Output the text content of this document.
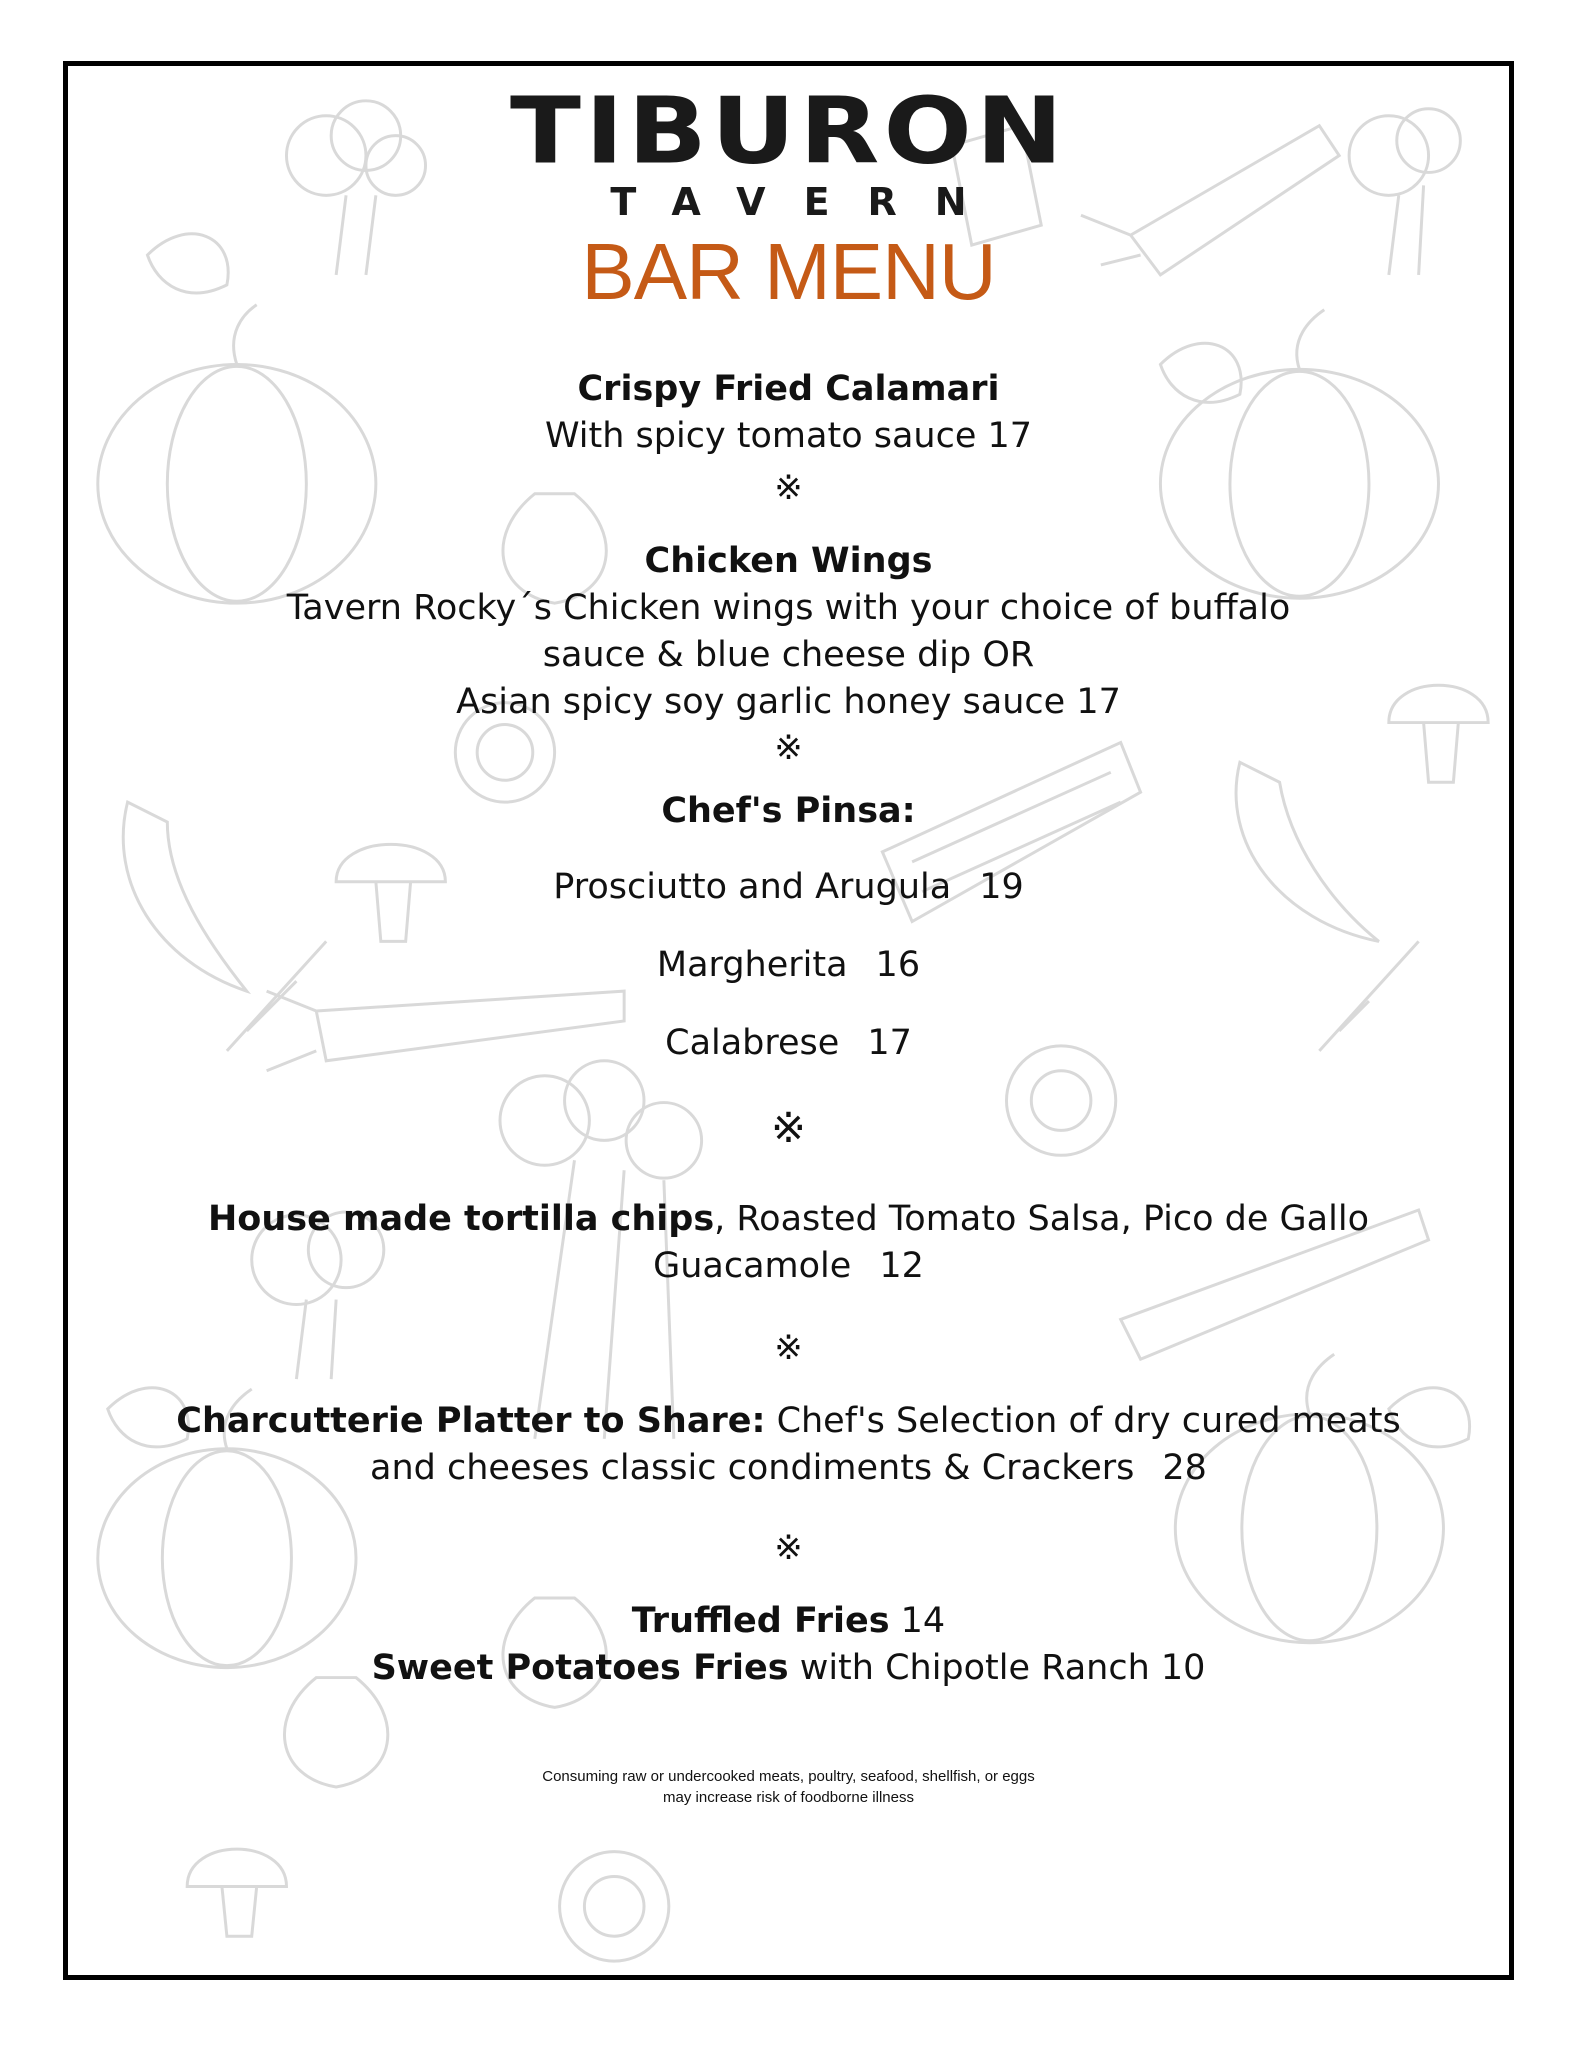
TIBURON
TAVERN
BAR MENU
Crispy Fried Calamari
With spicy tomato sauce 17
※
Chicken Wings
Tavern Rocky´s Chicken wings with your choice of buffalo
sauce & blue cheese dip OR
Asian spicy soy garlic honey sauce 17
※
Chef's Pinsa:
Prosciutto and Arugula 19
Margherita 16
Calabrese 17
※
House made tortilla chips, Roasted Tomato Salsa, Pico de Gallo
Guacamole 12
※
Charcutterie Platter to Share: Chef's Selection of dry cured meats
and cheeses classic condiments & Crackers 28
※
Truffled Fries 14
Sweet Potatoes Fries with Chipotle Ranch 10
Consuming raw or undercooked meats, poultry, seafood, shellfish, or eggs
may increase risk of foodborne illness
